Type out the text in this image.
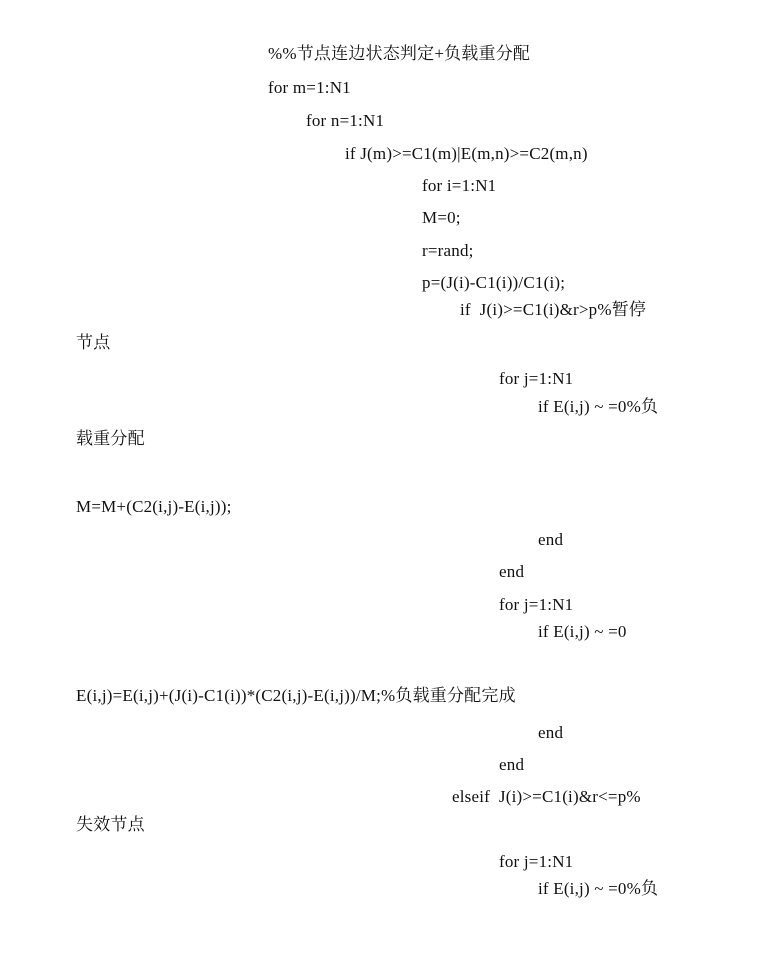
%%节点连边状态判定+负载重分配
for m=1:N1
for n=1:N1
if J(m)>=C1(m)|E(m,n)>=C2(m,n)
for i=1:N1
M=0;
r=rand;
p=(J(i)-C1(i))/C1(i);
if  J(i)>=C1(i)&r>p%暂停
节点
for j=1:N1
if E(i,j) ~ =0%负
载重分配
M=M+(C2(i,j)-E(i,j));
end
end
for j=1:N1
if E(i,j) ~ =0
E(i,j)=E(i,j)+(J(i)-C1(i))*(C2(i,j)-E(i,j))/M;%负载重分配完成
end
end
elseif  J(i)>=C1(i)&r<=p%
失效节点
for j=1:N1
if E(i,j) ~ =0%负
